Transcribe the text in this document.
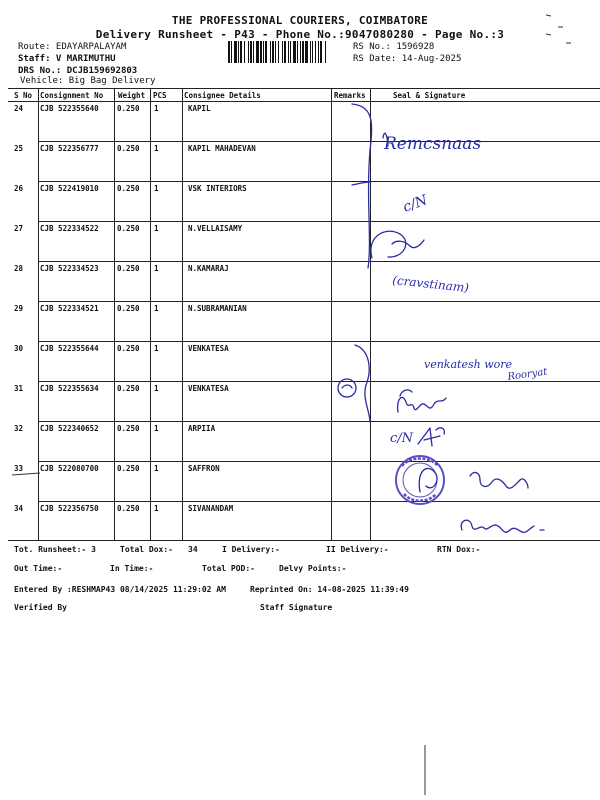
THE PROFESSIONAL COURIERS, COIMBATORE
Delivery Runsheet - P43 - Phone No.:9047080280 - Page No.:3
Route: EDAYARPALAYAM
Staff: V MARIMUTHU
DRS No.: DCJB159692803
Vehicle: Big Bag Delivery
RS No.: 1596928
RS Date: 14-Aug-2025
S No Consignment No Weight PCS Consignee Details	Remarks	Seal & Signature
24 CJB 522355640 0.250 1	KAPIL
25 CJB 522356777 0.250 1	KAPIL MAHADEVAN
26 CJB 522419010 0.250 1	VSK INTERIORS
27 CJB 522334522 0.250 1	N.VELLAISAMY
28 CJB 522334523 0.250 1	N.KAMARAJ
29 CJB 522334521 0.250 1	N.SUBRAMANIAN
30 CJB 522355644 0.250 1	VENKATESA
31 CJB 522355634 0.250 1	VENKATESA
32 CJB 522340652 0.250 1	ARPIIA
33 CJB 522080700 0.250 1	SAFFRON
34 CJB 522356750 0.250 1	SIVANANDAM
Tot. Runsheet:- 3	Total Dox:- 34	I Delivery:-	II Delivery:-	RTN Dox:-
Out Time:-	In Time:-	Total POD:-	Delvy Points:-
Entered By :RESHMAP43 08/14/2025 11:29:02 AM	Reprinted On: 14-08-2025 11:39:49
Verified By	Staff Signature
Remcsnaas
c/N
(cravstinam)
venkatesh wore
Rooryat
c/N
